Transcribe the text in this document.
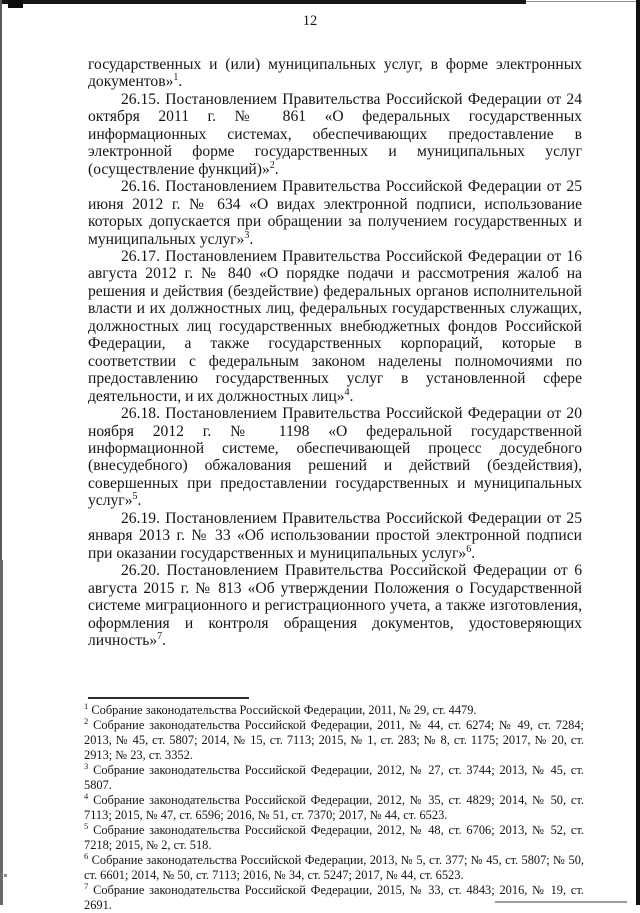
12

государственных и (или) муниципальных услуг, в форме электронных документов»$^1$.

26.15. Постановлением Правительства Российской Федерации от 24 октября 2011 г. № 861 «О федеральных государственных информационных системах, обеспечивающих предоставление в электронной форме государственных и муниципальных услуг (осуществление функций)»$^2$.

26.16. Постановлением Правительства Российской Федерации от 25 июня 2012 г. № 634 «О видах электронной подписи, использование которых допускается при обращении за получением государственных и муниципальных услуг»$^3$.

26.17. Постановлением Правительства Российской Федерации от 16 августа 2012 г. № 840 «О порядке подачи и рассмотрения жалоб на решения и действия (бездействие) федеральных органов исполнительной власти и их должностных лиц, федеральных государственных служащих, должностных лиц государственных внебюджетных фондов Российской Федерации, а также государственных корпораций, которые в соответствии с федеральным законом наделены полномочиями по предоставлению государственных услуг в установленной сфере деятельности, и их должностных лиц»$^4$.

26.18. Постановлением Правительства Российской Федерации от 20 ноября 2012 г. № 1198 «О федеральной государственной информационной системе, обеспечивающей процесс досудебного (внесудебного) обжалования решений и действий (бездействия), совершенных при предоставлении государственных и муниципальных услуг»$^5$.

26.19. Постановлением Правительства Российской Федерации от 25 января 2013 г. № 33 «Об использовании простой электронной подписи при оказании государственных и муниципальных услуг»$^6$.

26.20. Постановлением Правительства Российской Федерации от 6 августа 2015 г. № 813 «Об утверждении Положения о Государственной системе миграционного и регистрационного учета, а также изготовления, оформления и контроля обращения документов, удостоверяющих личность»$^7$.

$^1$ Собрание законодательства Российской Федерации, 2011, № 29, ст. 4479.

$^2$ Собрание законодательства Российской Федерации, 2011, № 44, ст. 6274; № 49, ст. 7284; 2013, № 45, ст. 5807; 2014, № 15, ст. 7113; 2015, № 1, ст. 283; № 8, ст. 1175; 2017, № 20, ст. 2913; № 23, ст. 3352.

$^3$ Собрание законодательства Российской Федерации, 2012, № 27, ст. 3744; 2013, № 45, ст. 5807.

$^4$ Собрание законодательства Российской Федерации, 2012, № 35, ст. 4829; 2014, № 50, ст. 7113; 2015, № 47, ст. 6596; 2016, № 51, ст. 7370; 2017, № 44, ст. 6523.

$^5$ Собрание законодательства Российской Федерации, 2012, № 48, ст. 6706; 2013, № 52, ст. 7218; 2015, № 2, ст. 518.

$^6$ Собрание законодательства Российской Федерации, 2013, № 5, ст. 377; № 45, ст. 5807; № 50, ст. 6601; 2014, № 50, ст. 7113; 2016, № 34, ст. 5247; 2017, № 44, ст. 6523.

$^7$ Собрание законодательства Российской Федерации, 2015, № 33, ст. 4843; 2016, № 19, ст. 2691.
